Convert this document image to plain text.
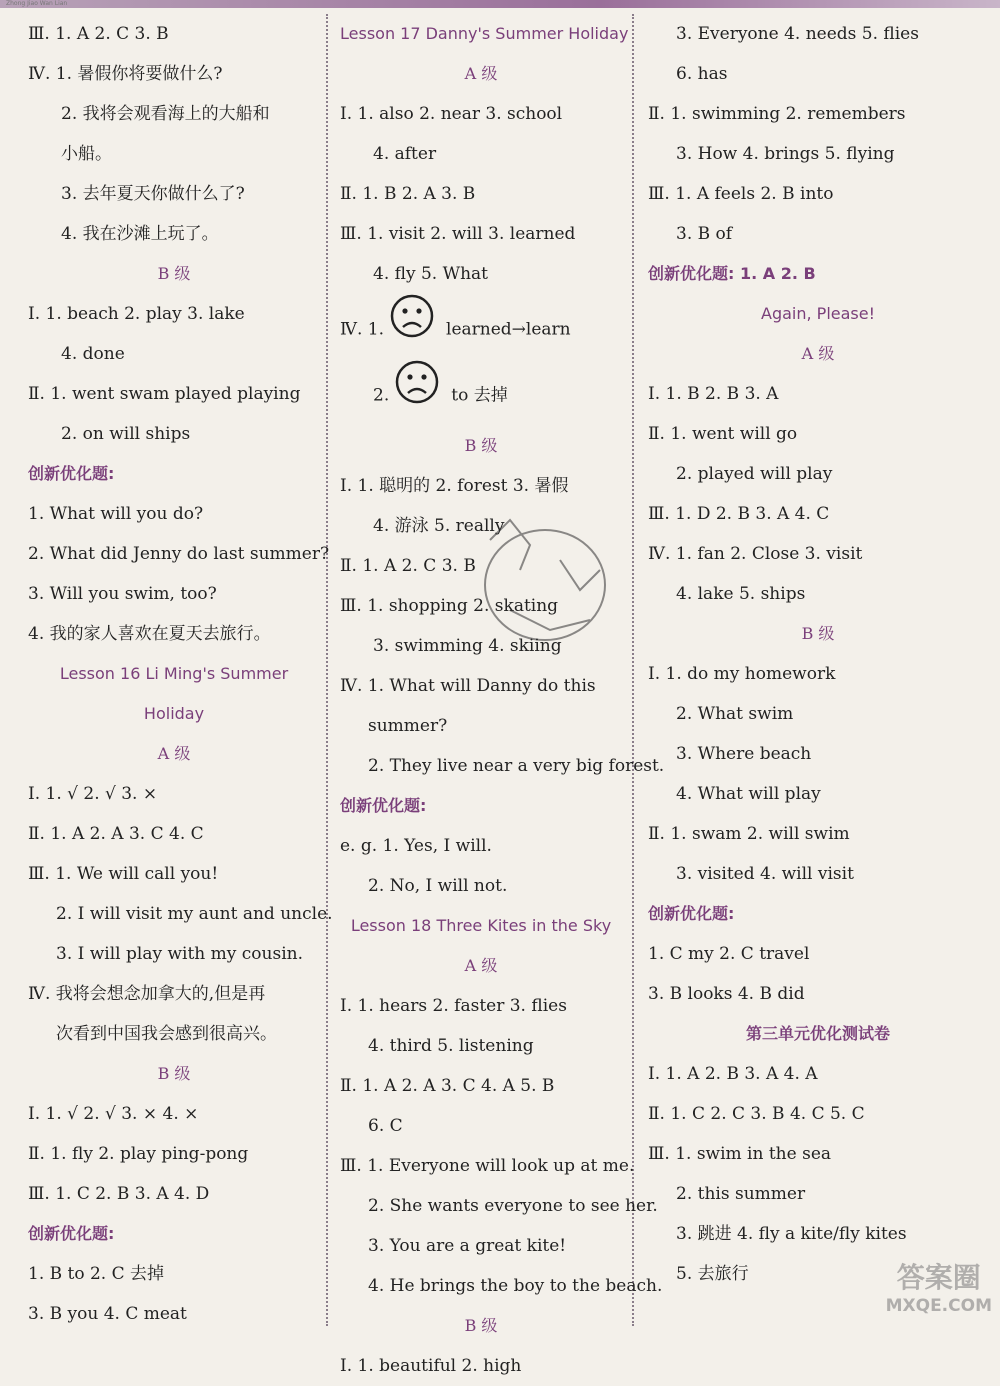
Zhong Jiao Wan Lian
Ⅲ. 1. A 2. C 3. B
Ⅳ. 1. 暑假你将要做什么?
2. 我将会观看海上的大船和
小船。
3. 去年夏天你做什么了?
4. 我在沙滩上玩了。
B 级
Ⅰ. 1. beach 2. play 3. lake
4. done
Ⅱ. 1. went swam played playing
2. on will ships
创新优化题:
1. What will you do?
2. What did Jenny do last summer?
3. Will you swim, too?
4. 我的家人喜欢在夏天去旅行。
Lesson 16 Li Ming's Summer
Holiday
A 级
Ⅰ. 1. √ 2. √ 3. ×
Ⅱ. 1. A 2. A 3. C 4. C
Ⅲ. 1. We will call you!
2. I will visit my aunt and uncle.
3. I will play with my cousin.
Ⅳ. 我将会想念加拿大的,但是再
次看到中国我会感到很高兴。
B 级
Ⅰ. 1. √ 2. √ 3. × 4. ×
Ⅱ. 1. fly 2. play ping-pong
Ⅲ. 1. C 2. B 3. A 4. D
创新优化题:
1. B to 2. C 去掉
3. B you 4. C meat
Lesson 17 Danny's Summer Holiday
A 级
Ⅰ. 1. also 2. near 3. school
4. after
Ⅱ. 1. B 2. A 3. B
Ⅲ. 1. visit 2. will 3. learned
4. fly 5. What
Ⅳ. 1.	learned→learn
2.	to 去掉
B 级
Ⅰ. 1. 聪明的 2. forest 3. 暑假
4. 游泳 5. really
Ⅱ. 1. A 2. C 3. B
Ⅲ. 1. shopping 2. skating
3. swimming 4. skiing
Ⅳ. 1. What will Danny do this
summer?
2. They live near a very big forest.
创新优化题:
e. g. 1. Yes, I will.
2. No, I will not.
Lesson 18 Three Kites in the Sky
A 级
Ⅰ. 1. hears 2. faster 3. flies
4. third 5. listening
Ⅱ. 1. A 2. A 3. C 4. A 5. B
6. C
Ⅲ. 1. Everyone will look up at me.
2. She wants everyone to see her.
3. You are a great kite!
4. He brings the boy to the beach.
B 级
Ⅰ. 1. beautiful 2. high
3. Everyone 4. needs 5. flies
6. has
Ⅱ. 1. swimming 2. remembers
3. How 4. brings 5. flying
Ⅲ. 1. A feels 2. B into
3. B of
创新优化题: 1. A 2. B
Again, Please!
A 级
Ⅰ. 1. B 2. B 3. A
Ⅱ. 1. went will go
2. played will play
Ⅲ. 1. D 2. B 3. A 4. C
Ⅳ. 1. fan 2. Close 3. visit
4. lake 5. ships
B 级
Ⅰ. 1. do my homework
2. What swim
3. Where beach
4. What will play
Ⅱ. 1. swam 2. will swim
3. visited 4. will visit
创新优化题:
1. C my 2. C travel
3. B looks 4. B did
第三单元优化测试卷
Ⅰ. 1. A 2. B 3. A 4. A
Ⅱ. 1. C 2. C 3. B 4. C 5. C
Ⅲ. 1. swim in the sea
2. this summer
3. 跳进 4. fly a kite/fly kites
5. 去旅行	答案圈
MXQE.COM
